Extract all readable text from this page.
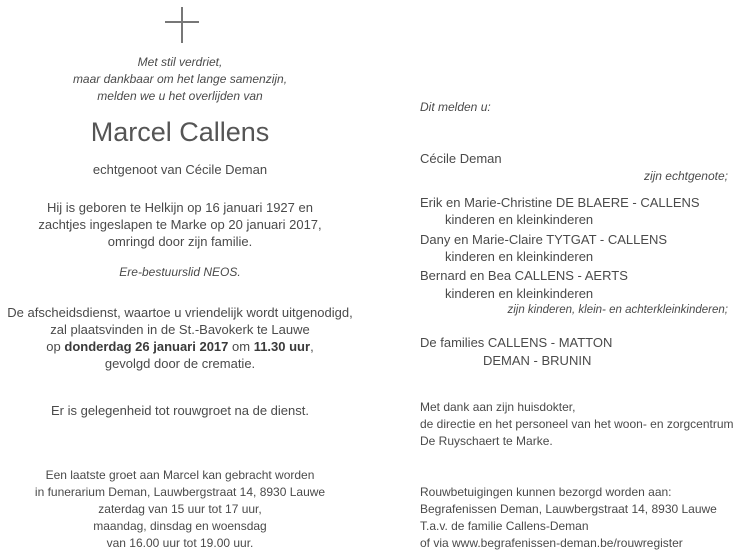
Met stil verdriet,
maar dankbaar om het lange samenzijn,
melden we u het overlijden van
Marcel Callens
echtgenoot van Cécile Deman
Hij is geboren te Helkijn op 16 januari 1927 en
zachtjes ingeslapen te Marke op 20 januari 2017,
omringd door zijn familie.
Ere-bestuurslid NEOS.
De afscheidsdienst, waartoe u vriendelijk wordt uitgenodigd,
zal plaatsvinden in de St.-Bavokerk te Lauwe
op donderdag 26 januari 2017 om 11.30 uur,
gevolgd door de crematie.
Er is gelegenheid tot rouwgroet na de dienst.
Een laatste groet aan Marcel kan gebracht worden
in funerarium Deman, Lauwbergstraat 14, 8930 Lauwe
zaterdag van 15 uur tot 17 uur,
maandag, dinsdag en woensdag
van 16.00 uur tot 19.00 uur.
Dit melden u:
Cécile Deman
zijn echtgenote;
Erik en Marie-Christine DE BLAERE - CALLENS
kinderen en kleinkinderen
Dany en Marie-Claire TYTGAT - CALLENS
kinderen en kleinkinderen
Bernard en Bea CALLENS - AERTS
kinderen en kleinkinderen
zijn kinderen, klein- en achterkleinkinderen;
De families CALLENS - MATTON
DEMAN - BRUNIN
Met dank aan zijn huisdokter,
de directie en het personeel van het woon- en zorgcentrum
De Ruyschaert te Marke.
Rouwbetuigingen kunnen bezorgd worden aan:
Begrafenissen Deman, Lauwbergstraat 14, 8930 Lauwe
T.a.v. de familie Callens-Deman
of via www.begrafenissen-deman.be/rouwregister
